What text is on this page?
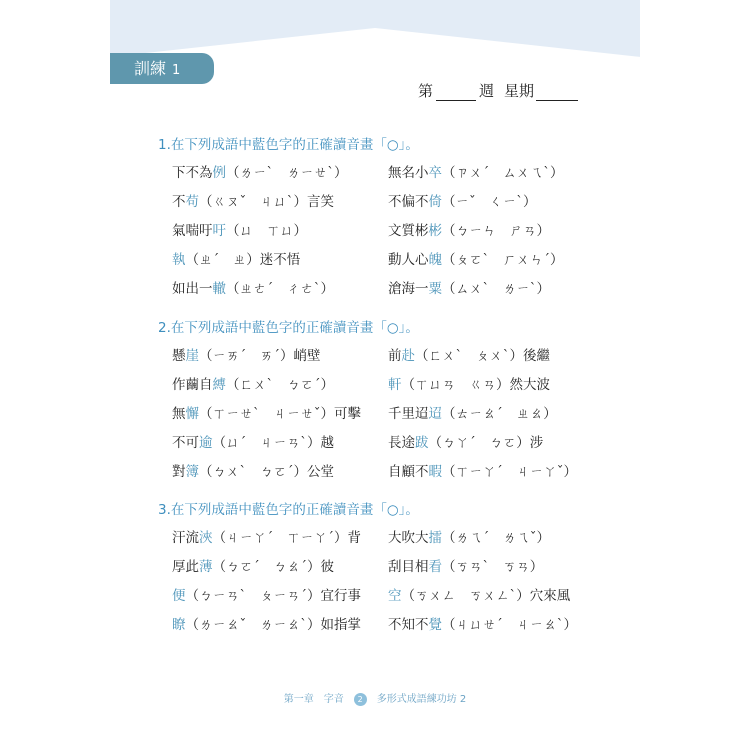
訓練 1
第	週 星期
1.在下列成語中藍色字的正確讀音畫「○」。
下不為例（ㄌㄧˋ　ㄌㄧㄝˋ）	無名小卒（ㄗㄨˊ　ㄙㄨㄟˋ）
不苟（ㄍㄡˇ　ㄐㄩˋ）言笑	不偏不倚（ㄧˇ　ㄑㄧˋ）
氣喘吁吁（ㄩ　ㄒㄩ）	文質彬彬（ㄅㄧㄣ　ㄕㄢ）
執（ㄓˊ　ㄓ）迷不悟	動人心魄（ㄆㄛˋ　ㄏㄨㄣˊ）
如出一轍（ㄓㄜˊ　ㄔㄜˋ）	滄海一粟（ㄙㄨˋ　ㄌㄧˋ）
2.在下列成語中藍色字的正確讀音畫「○」。
懸崖（ㄧㄞˊ　ㄞˊ）峭壁	前赴（ㄈㄨˋ　ㄆㄨˋ）後繼
作繭自縛（ㄈㄨˋ　ㄅㄛˊ）	軒（ㄒㄩㄢ　ㄍㄢ）然大波
無懈（ㄒㄧㄝˋ　ㄐㄧㄝˇ）可擊 千里迢迢（ㄊㄧㄠˊ　ㄓㄠ）
不可逾（ㄩˊ　ㄐㄧㄢˋ）越	長途跋（ㄅㄚˊ　ㄅㄛ）涉
對簿（ㄅㄨˋ　ㄅㄛˊ）公堂	自顧不暇（ㄒㄧㄚˊ　ㄐㄧㄚˇ）
3.在下列成語中藍色字的正確讀音畫「○」。
汗流浹（ㄐㄧㄚˊ　ㄒㄧㄚˊ）背 大吹大擂（ㄌㄟˊ　ㄌㄟˇ）
厚此薄（ㄅㄛˊ　ㄅㄠˊ）彼	刮目相看（ㄎㄢˋ　ㄎㄢ）
便（ㄅㄧㄢˋ　ㄆㄧㄢˊ）宜行事 空（ㄎㄨㄥ　ㄎㄨㄥˋ）穴來風
瞭（ㄌㄧㄠˇ　ㄌㄧㄠˋ）如指掌 不知不覺（ㄐㄩㄝˊ　ㄐㄧㄠˋ）
第一章　字音 2 多形式成語練功坊 2
